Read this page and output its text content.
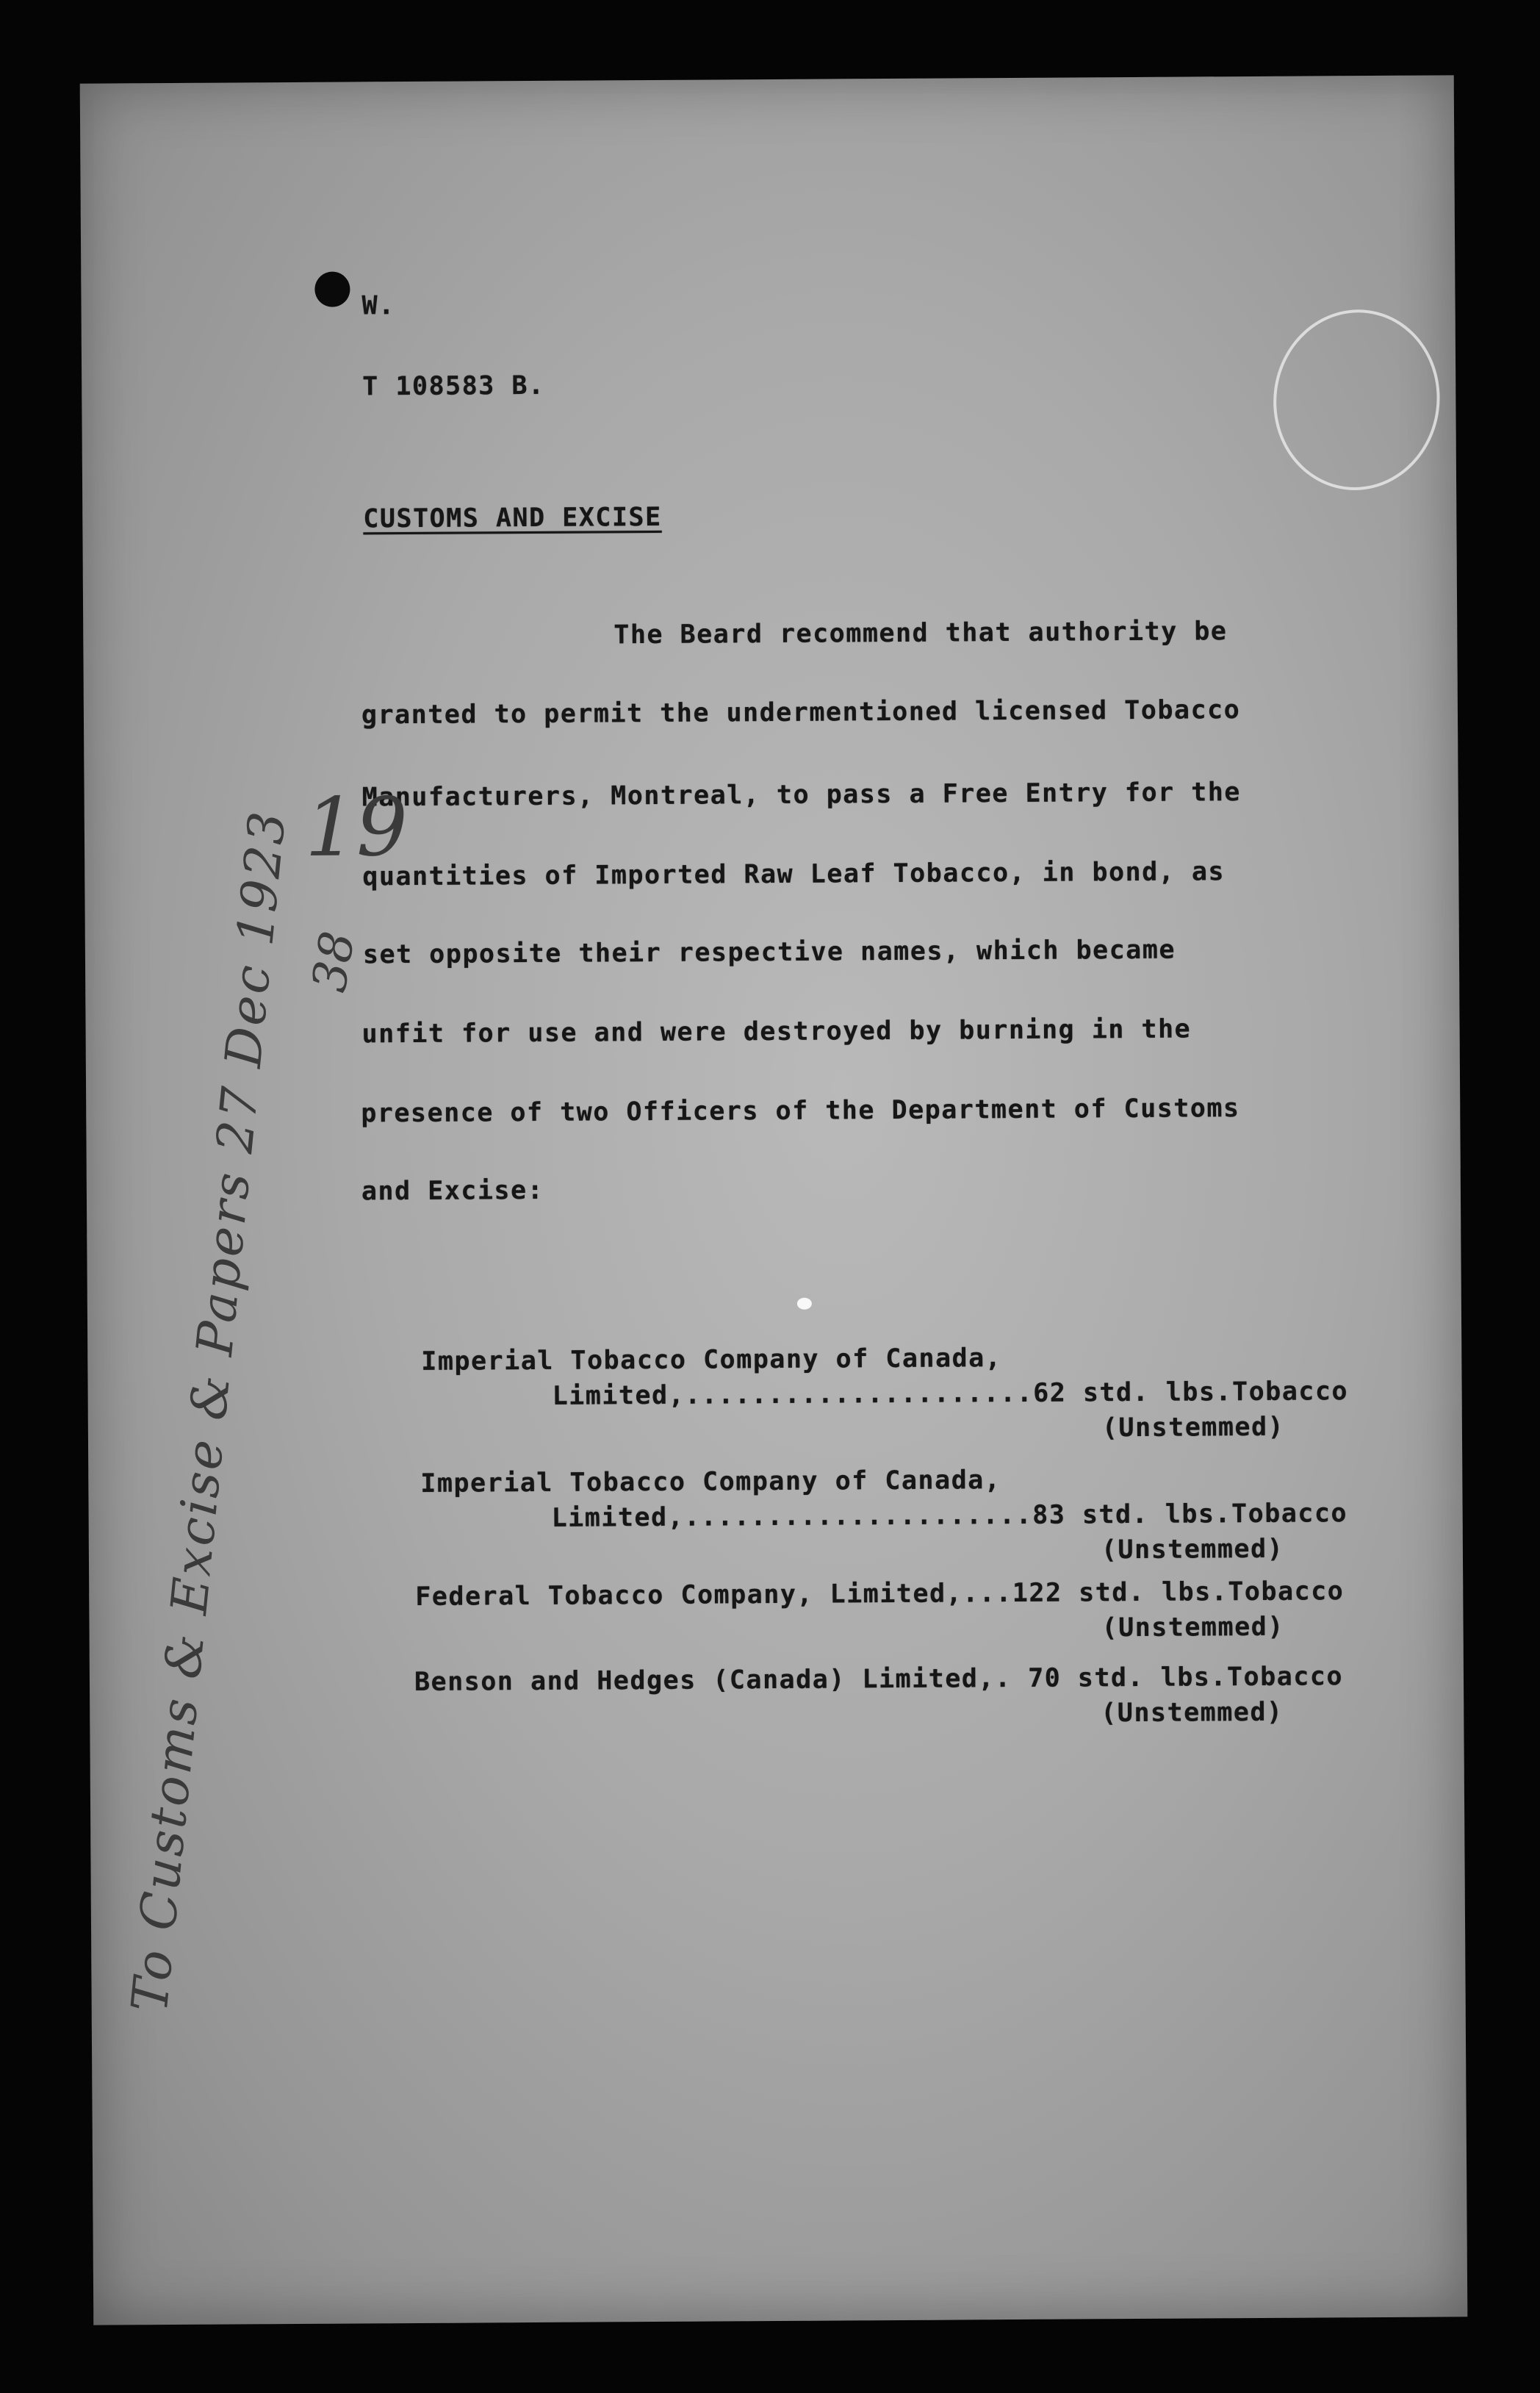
W.
T 108583 B.
CUSTOMS AND EXCISE
The Beard recommend that authority be
granted to permit the undermentioned licensed Tobacco
Manufacturers, Montreal, to pass a Free Entry for the
quantities of Imported Raw Leaf Tobacco, in bond, as
set opposite their respective names, which became
unfit for use and were destroyed by burning in the
presence of two Officers of the Department of Customs
and Excise:
Imperial Tobacco Company of Canada,
Limited,.....................62 std. lbs.Tobacco
(Unstemmed)
Imperial Tobacco Company of Canada,
Limited,.....................83 std. lbs.Tobacco
(Unstemmed)
Federal Tobacco Company, Limited,...122 std. lbs.Tobacco
(Unstemmed)
Benson and Hedges (Canada) Limited,. 70 std. lbs.Tobacco
(Unstemmed)
19
38
To Customs & Excise & Papers 27 Dec 1923
